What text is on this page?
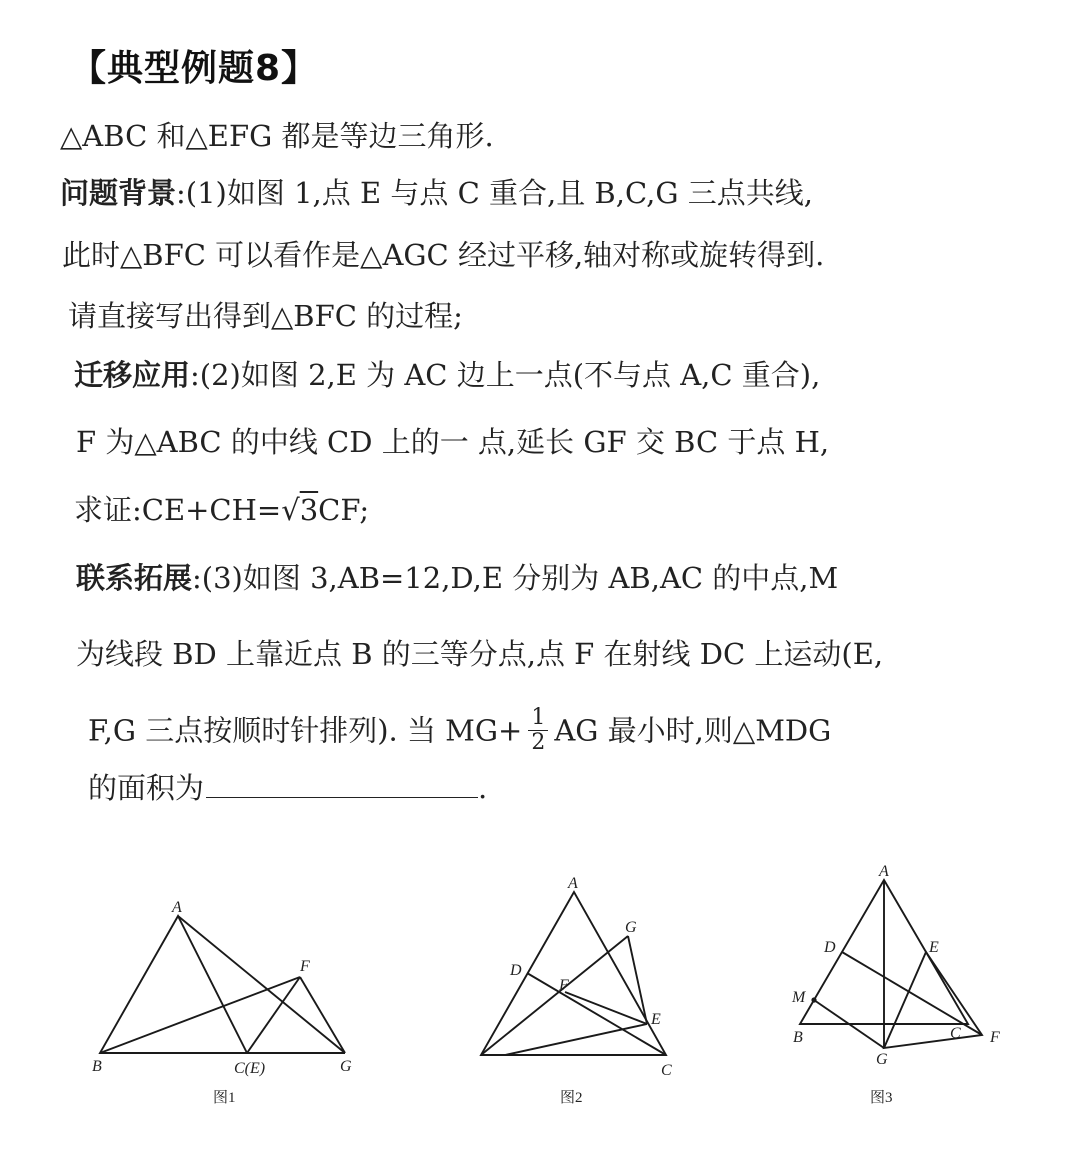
【典型例题8】
△ABC 和△EFG 都是等边三角形.
问题背景:(1)如图 1,点 E 与点 C 重合,且 B,C,G 三点共线,
此时△BFC 可以看作是△AGC 经过平移,轴对称或旋转得到.
请直接写出得到△BFC 的过程;
迁移应用:(2)如图 2,E 为 AC 边上一点(不与点 A,C 重合),
F 为△ABC 的中线 CD 上的一 点,延长 GF 交 BC 于点 H,
求证:CE+CH=√3CF;
联系拓展:(3)如图 3,AB=12,D,E 分别为 AB,AC 的中点,M
为线段 BD 上靠近点 B 的三等分点,点 F 在射线 DC 上运动(E,
F,G 三点按顺时针排列). 当 $MG+ \frac{1}{2}$ AG 最小时,则△MDG
的面积为	.
A
B	C(E)
F
G
图1
A
D
F
G
E
C
图2
A
D	E
M
B	C F
G
图3
